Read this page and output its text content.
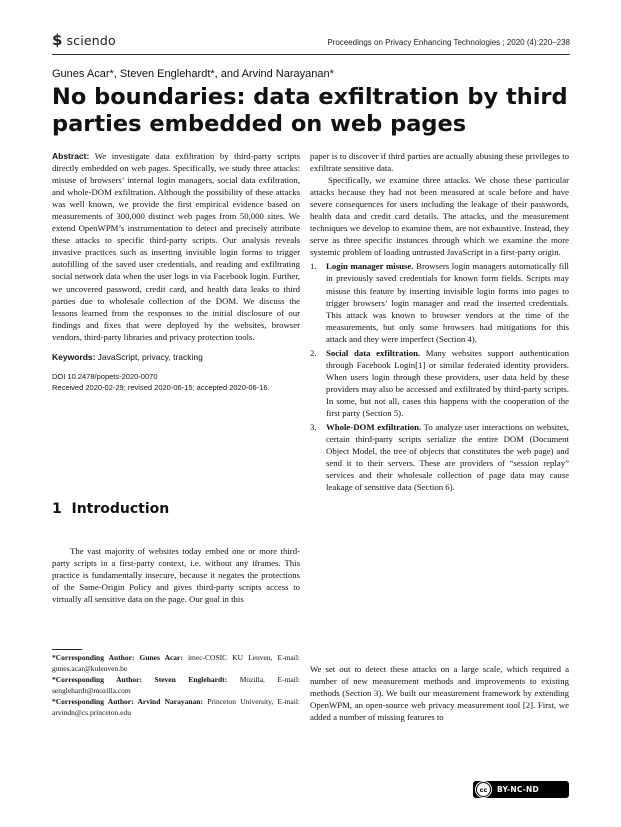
$ sciendo	Proceedings on Privacy Enhancing Technologies ; 2020 (4):220–238
Gunes Acar*, Steven Englehardt*, and Arvind Narayanan*
No boundaries: data exfiltration by third parties embedded on web pages

Abstract: We investigate data exfiltration by third-party scripts directly embedded on web pages. Specifically, we study three attacks: misuse of browsers’ internal login managers, social data exfiltration, and whole-DOM exfiltration. Although the possibility of these attacks was well known, we provide the first empirical evidence based on measurements of 300,000 distinct web pages from 50,000 sites. We extend OpenWPM’s instrumentation to detect and precisely attribute these attacks to specific third-party scripts. Our analysis reveals invasive practices such as inserting invisible login forms to trigger autofilling of the saved user credentials, and reading and exfiltrating social network data when the user logs in via Facebook login. Further, we uncovered password, credit card, and health data leaks to third parties due to wholesale collection of the DOM. We discuss the lessons learned from the responses to the initial disclosure of our findings and fixes that were deployed by the websites, browser vendors, third-party libraries and privacy protection tools.

Keywords: JavaScript, privacy, tracking

DOI 10.2478/popets-2020-0070
Received 2020-02-29; revised 2020-06-15; accepted 2020-06-16.
1 Introduction

The vast majority of websites today embed one or more third-party scripts in a first-party context, i.e. without any iframes. This practice is fundamentally insecure, because it negates the protections of the Same-Origin Policy and gives third-party scripts access to virtually all sensitive data on the page. Our goal in this

*Corresponding Author: Gunes Acar: imec-COSIC KU Leuven, E-mail: gunes.acar@kuleuven.be

*Corresponding Author: Steven Englehardt: Mozilla, E-mail: senglehardt@mozilla.com

*Corresponding Author: Arvind Narayanan: Princeton University, E-mail: arvindn@cs.princeton.edu

paper is to discover if third parties are actually abusing these privileges to exfiltrate sensitive data.

Specifically, we examine three attacks. We chose these particular attacks because they had not been measured at scale before and have severe consequences for users including the leakage of their passwords, health data and credit card details. The attacks, and the measurement techniques we develop to examine them, are not exhaustive. Instead, they serve as three specific instances through which we examine the more systemic problem of loading untrusted JavaScript in a first-party origin.

1. Login manager misuse. Browsers login managers automatically fill in previously saved credentials for known form fields. Scripts may misuse this feature by inserting invisible login forms into pages to trigger browsers’ login manager and read the inserted credentials. This attack was known to browser vendors at the time of the measurements, but only some browsers had mitigations for this attack and they were imperfect (Section 4).
2. Social data exfiltration. Many websites support authentication through Facebook Login[1] or similar federated identity providers. When users login through these providers, user data held by these providers may also be accessed and exfiltrated by third-party scripts. In some, but not all, cases this happens with the cooperation of the first party (Section 5).
3. Whole-DOM exfiltration. To analyze user interactions on websites, certain third-party scripts serialize the entire DOM (Document Object Model, the tree of objects that constitutes the web page) and send it to their servers. These are providers of “session replay” services and their wholesale collection of page data may cause leakage of sensitive data (Section 6).

We set out to detect these attacks on a large scale, which required a number of new measurement methods and improvements to existing methods (Section 3). We built our measurement framework by extending OpenWPM, an open-source web privacy measurement tool [2]. First, we added a number of missing features to

cc	BY-NC-ND
